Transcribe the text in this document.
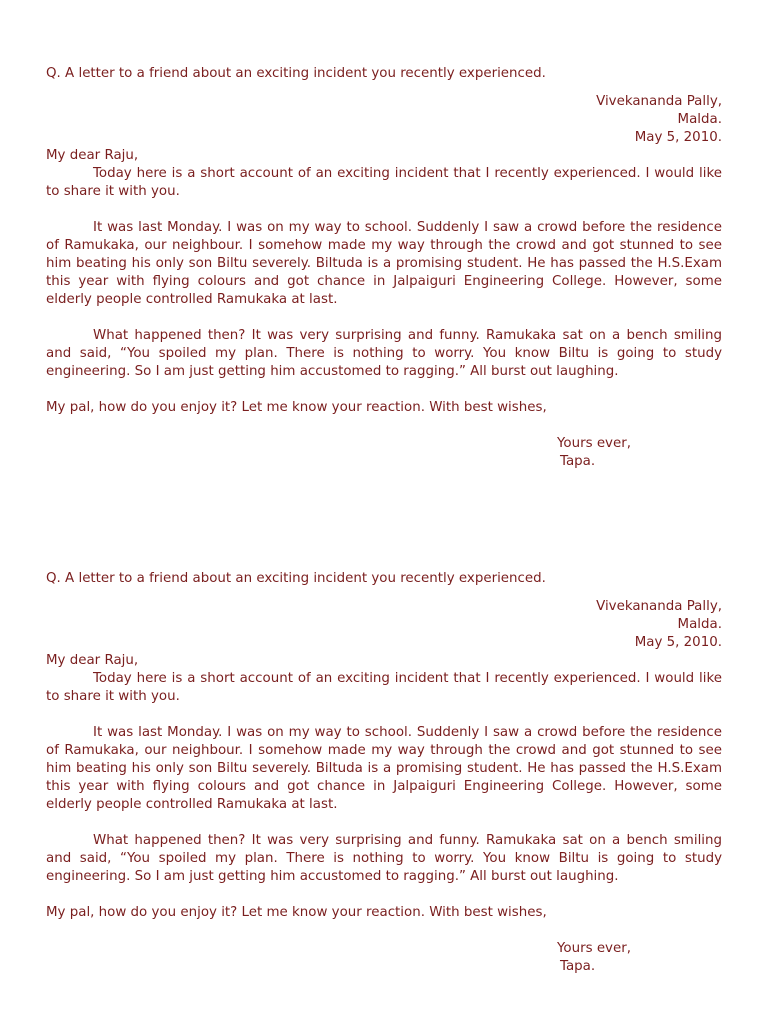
Q. A letter to a friend about an exciting incident you recently experienced.

Vivekananda Pally,
Malda.
May 5, 2010.

My dear Raju,

Today here is a short account of an exciting incident that I recently experienced. I would like to share it with you.

It was last Monday. I was on my way to school. Suddenly I saw a crowd before the residence of Ramukaka, our neighbour. I somehow made my way through the crowd and got stunned to see him beating his only son Biltu severely. Biltuda is a promising student. He has passed the H.S.Exam this year with flying colours and got chance in Jalpaiguri Engineering College. However, some elderly people controlled Ramukaka at last.

What happened then? It was very surprising and funny. Ramukaka sat on a bench smiling and said, “You spoiled my plan. There is nothing to worry. You know Biltu is going to study engineering. So I am just getting him accustomed to ragging.” All burst out laughing.

My pal, how do you enjoy it? Let me know your reaction. With best wishes,

Yours ever,
Tapa.

Q. A letter to a friend about an exciting incident you recently experienced.

Vivekananda Pally,
Malda.
May 5, 2010.

My dear Raju,

Today here is a short account of an exciting incident that I recently experienced. I would like to share it with you.

It was last Monday. I was on my way to school. Suddenly I saw a crowd before the residence of Ramukaka, our neighbour. I somehow made my way through the crowd and got stunned to see him beating his only son Biltu severely. Biltuda is a promising student. He has passed the H.S.Exam this year with flying colours and got chance in Jalpaiguri Engineering College. However, some elderly people controlled Ramukaka at last.

What happened then? It was very surprising and funny. Ramukaka sat on a bench smiling and said, “You spoiled my plan. There is nothing to worry. You know Biltu is going to study engineering. So I am just getting him accustomed to ragging.” All burst out laughing.

My pal, how do you enjoy it? Let me know your reaction. With best wishes,

Yours ever,
Tapa.
